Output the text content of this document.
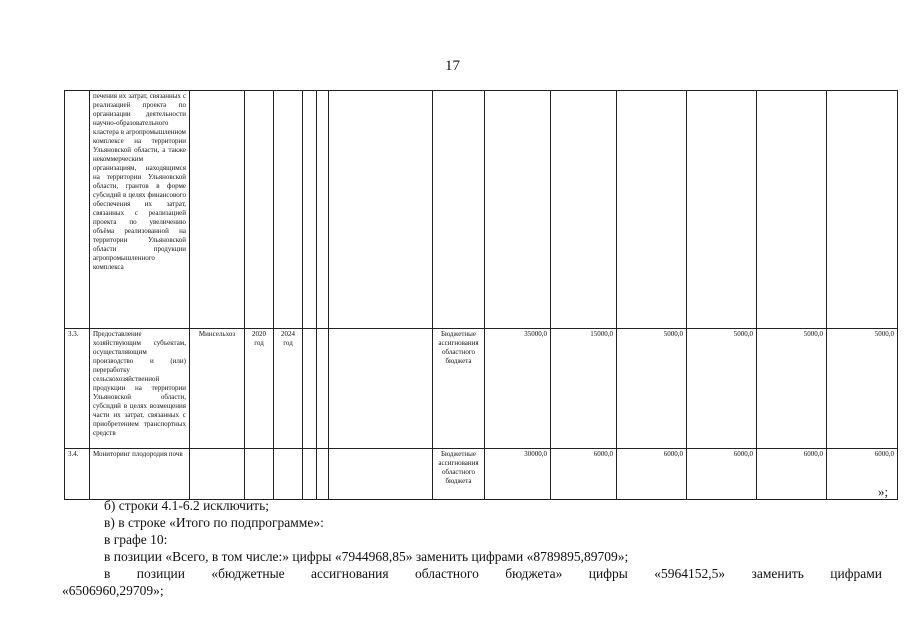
17
	печения их затрат, связанных с реализацией проекта по организации деятельности научно-образовательного кластера в агропромышленном комплексе на территории Ульяновской области, а также некоммерческим организациям, находящимся на территории Ульяновской области, грантов в форме субсидий в целях финансового обеспечения их затрат, связанных с реализацией проекта по увеличению объёма реализованной на территории Ульяновской области продукции агропромышленного комплекса													
3.3.	Предоставление хозяйствующим субъектам, осуществляющим производство и (или) переработку сельскохозяйственной продукции на территории Ульяновской области, субсидий в целях возмещения части их затрат, связанных с приобретением транспортных средств	Минсельхоз	2020 год	2024 год				Бюджетные ассигнования областного бюджета	35000,0	15000,0	5000,0	5000,0	5000,0	5000,0
3.4.	Мониторинг плодородия почв							Бюджетные ассигнования областного бюджета	30000,0	6000,0	6000,0	6000,0	6000,0	6000,0
»;

б) строки 4.1-6.2 исключить;

в) в строке «Итого по подпрограмме»:

в графе 10:

в позиции «Всего, в том числе:» цифры «7944968,85» заменить цифрами «8789895,89709»;

в позиции «бюджетные ассигнования областного бюджета» цифры «5964152,5» заменить цифрами

«6506960,29709»;
